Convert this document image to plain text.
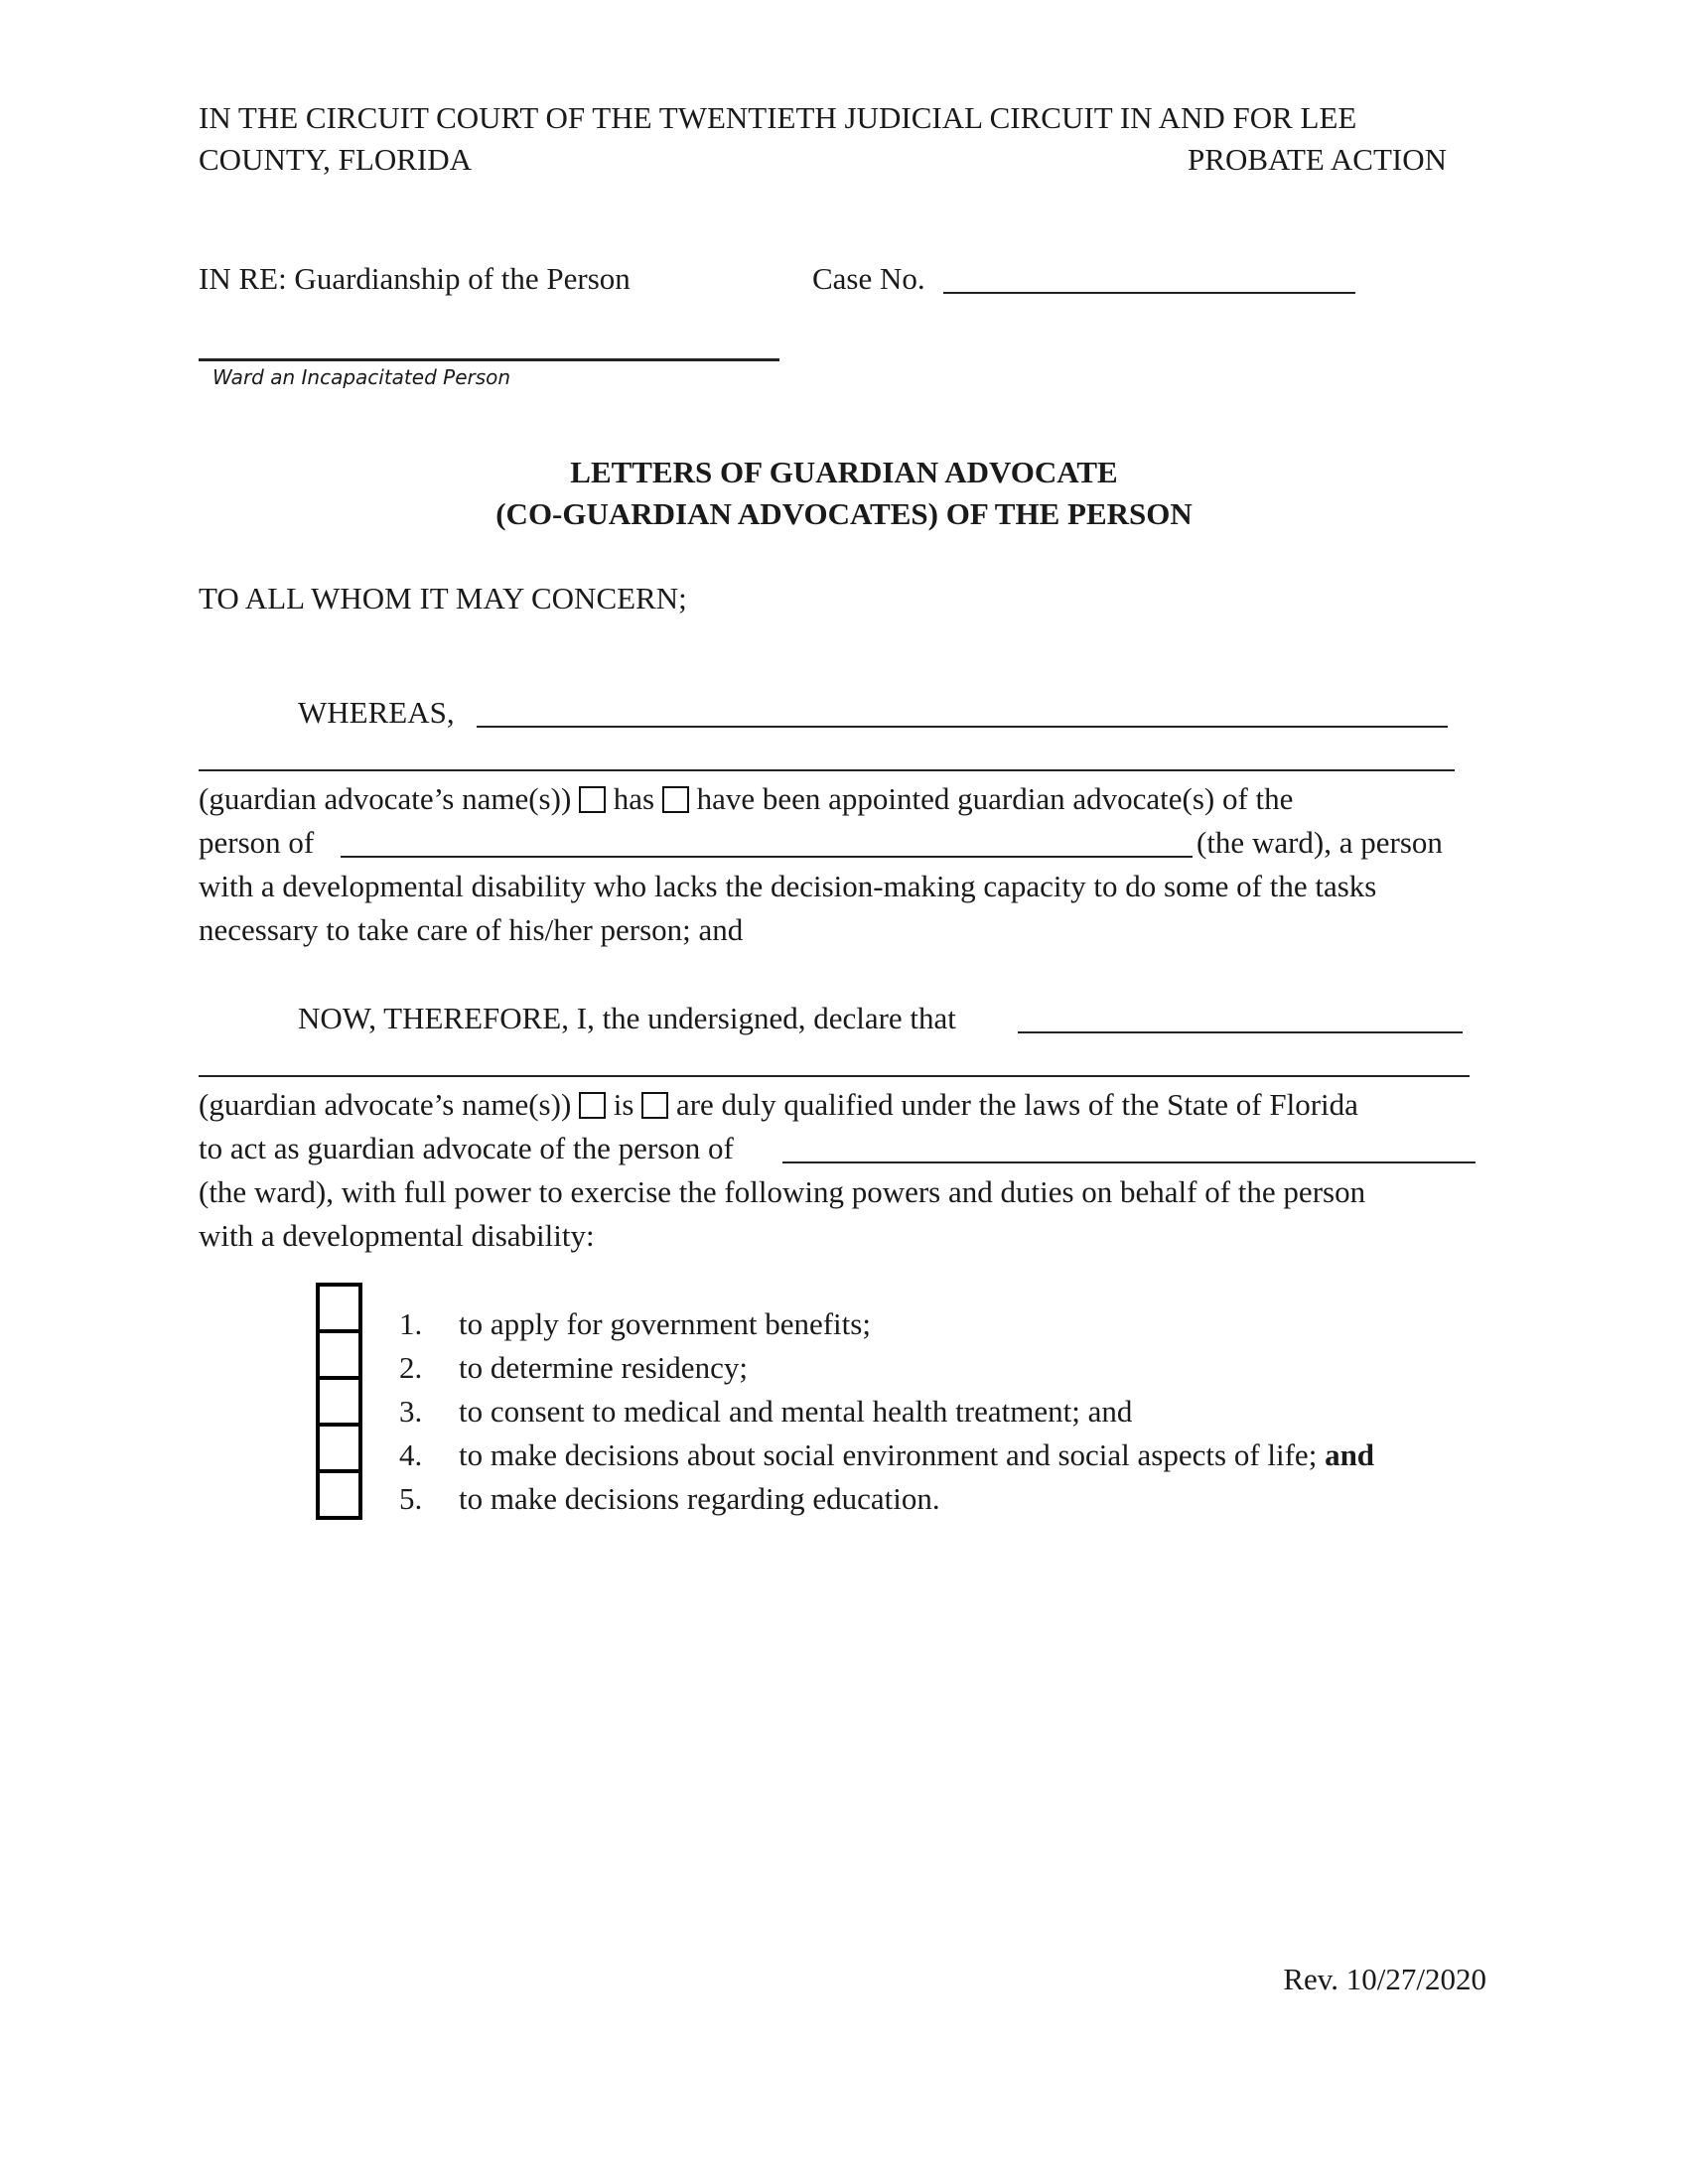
IN THE CIRCUIT COURT OF THE TWENTIETH JUDICIAL CIRCUIT IN AND FOR LEE
COUNTY, FLORIDA	PROBATE ACTION
IN RE: Guardianship of the Person	Case No.
Ward an Incapacitated Person
LETTERS OF GUARDIAN ADVOCATE
(CO-GUARDIAN ADVOCATES) OF THE PERSON
TO ALL WHOM IT MAY CONCERN;
WHEREAS,
(guardian advocate’s name(s)) has have been appointed guardian advocate(s) of the
person of	(the ward), a person
with a developmental disability who lacks the decision-making capacity to do some of the tasks
necessary to take care of his/her person; and
NOW, THEREFORE, I, the undersigned, declare that
(guardian advocate’s name(s)) is are duly qualified under the laws of the State of Florida
to act as guardian advocate of the person of
(the ward), with full power to exercise the following powers and duties on behalf of the person
with a developmental disability:
1. to apply for government benefits;
2. to determine residency;
3. to consent to medical and mental health treatment; and
4. to make decisions about social environment and social aspects of life; and
5. to make decisions regarding education.
Rev. 10/27/2020
